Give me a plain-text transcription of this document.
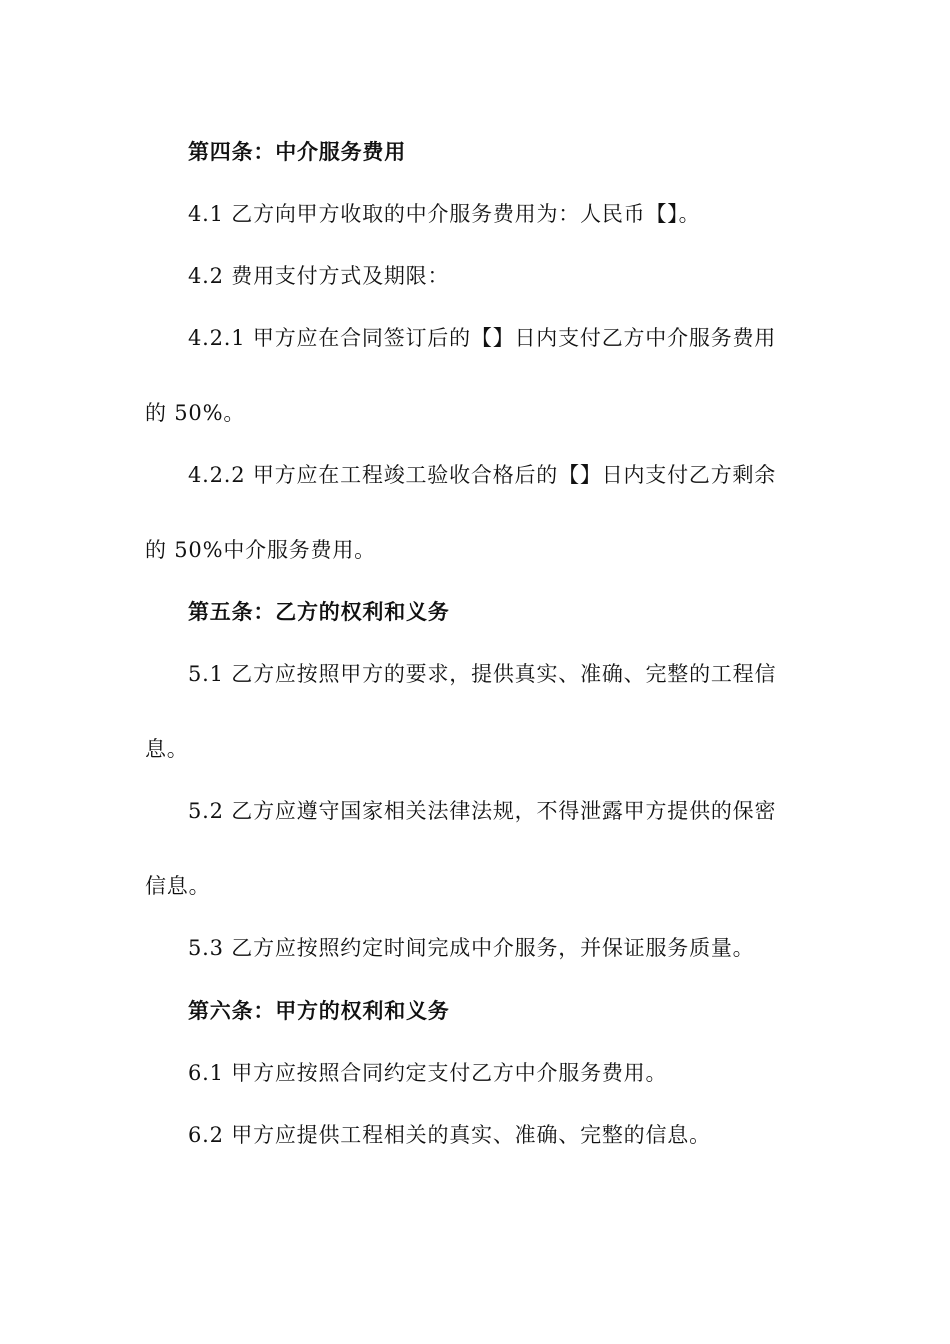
第四条：中介服务费用
4.1 乙方向甲方收取的中介服务费用为：人民币【】。
4.2 费用支付方式及期限：
4.2.1 甲方应在合同签订后的【】日内支付乙方中介服务费用
的 50%。
4.2.2 甲方应在工程竣工验收合格后的【】日内支付乙方剩余
的 50%中介服务费用。
第五条：乙方的权利和义务
5.1 乙方应按照甲方的要求，提供真实、准确、完整的工程信
息。
5.2 乙方应遵守国家相关法律法规，不得泄露甲方提供的保密
信息。
5.3 乙方应按照约定时间完成中介服务，并保证服务质量。
第六条：甲方的权利和义务
6.1 甲方应按照合同约定支付乙方中介服务费用。
6.2 甲方应提供工程相关的真实、准确、完整的信息。
